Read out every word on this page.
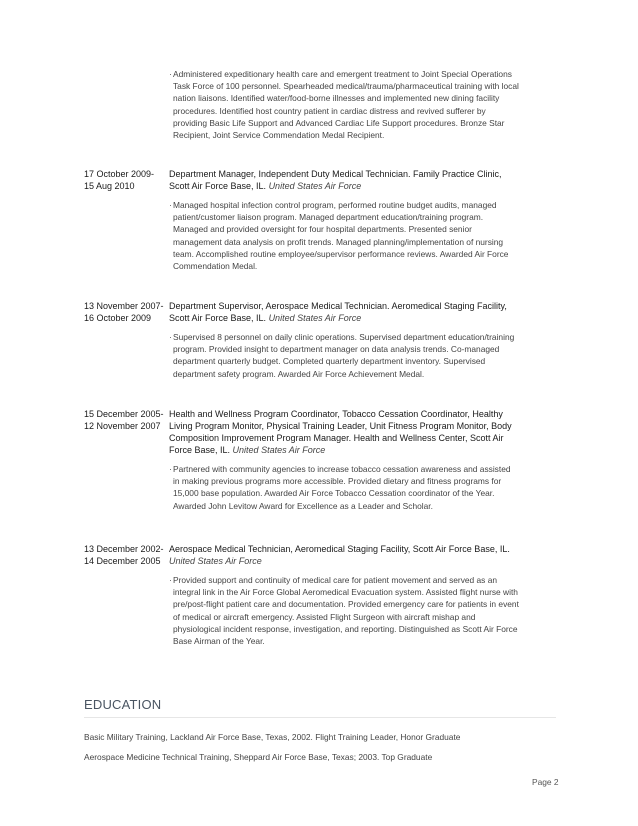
· Administered expeditionary health care and emergent treatment to Joint Special Operations Task Force of 100 personnel. Spearheaded medical/trauma/pharmaceutical training with local nation liaisons. Identified water/food-borne illnesses and implemented new dining facility procedures. Identified host country patient in cardiac distress and revived sufferer by providing Basic Life Support and Advanced Cardiac Life Support procedures. Bronze Star Recipient, Joint Service Commendation Medal Recipient.
17 October 2009-15 Aug 2010
Department Manager, Independent Duty Medical Technician. Family Practice Clinic, Scott Air Force Base, IL. United States Air Force
· Managed hospital infection control program, performed routine budget audits, managed patient/customer liaison program. Managed department education/training program. Managed and provided oversight for four hospital departments. Presented senior management data analysis on profit trends. Managed planning/implementation of nursing team. Accomplished routine employee/supervisor performance reviews. Awarded Air Force Commendation Medal.
13 November 2007- 16 October 2009
Department Supervisor, Aerospace Medical Technician. Aeromedical Staging Facility, Scott Air Force Base, IL. United States Air Force
· Supervised 8 personnel on daily clinic operations. Supervised department education/training program. Provided insight to department manager on data analysis trends. Co-managed department quarterly budget. Completed quarterly department inventory. Supervised department safety program. Awarded Air Force Achievement Medal.
15 December 2005- 12 November 2007
Health and Wellness Program Coordinator, Tobacco Cessation Coordinator, Healthy Living Program Monitor, Physical Training Leader, Unit Fitness Program Monitor, Body Composition Improvement Program Manager. Health and Wellness Center, Scott Air Force Base, IL. United States Air Force
· Partnered with community agencies to increase tobacco cessation awareness and assisted in making previous programs more accessible. Provided dietary and fitness programs for 15,000 base population. Awarded Air Force Tobacco Cessation coordinator of the Year. Awarded John Levitow Award for Excellence as a Leader and Scholar.
13 December 2002- 14 December 2005
Aerospace Medical Technician, Aeromedical Staging Facility, Scott Air Force Base, IL. United States Air Force
· Provided support and continuity of medical care for patient movement and served as an integral link in the Air Force Global Aeromedical Evacuation system. Assisted flight nurse with pre/post-flight patient care and documentation. Provided emergency care for patients in event of medical or aircraft emergency. Assisted Flight Surgeon with aircraft mishap and physiological incident response, investigation, and reporting. Distinguished as Scott Air Force Base Airman of the Year.
EDUCATION
Basic Military Training, Lackland Air Force Base, Texas, 2002. Flight Training Leader, Honor Graduate
Aerospace Medicine Technical Training, Sheppard Air Force Base, Texas; 2003. Top Graduate
Page 2
